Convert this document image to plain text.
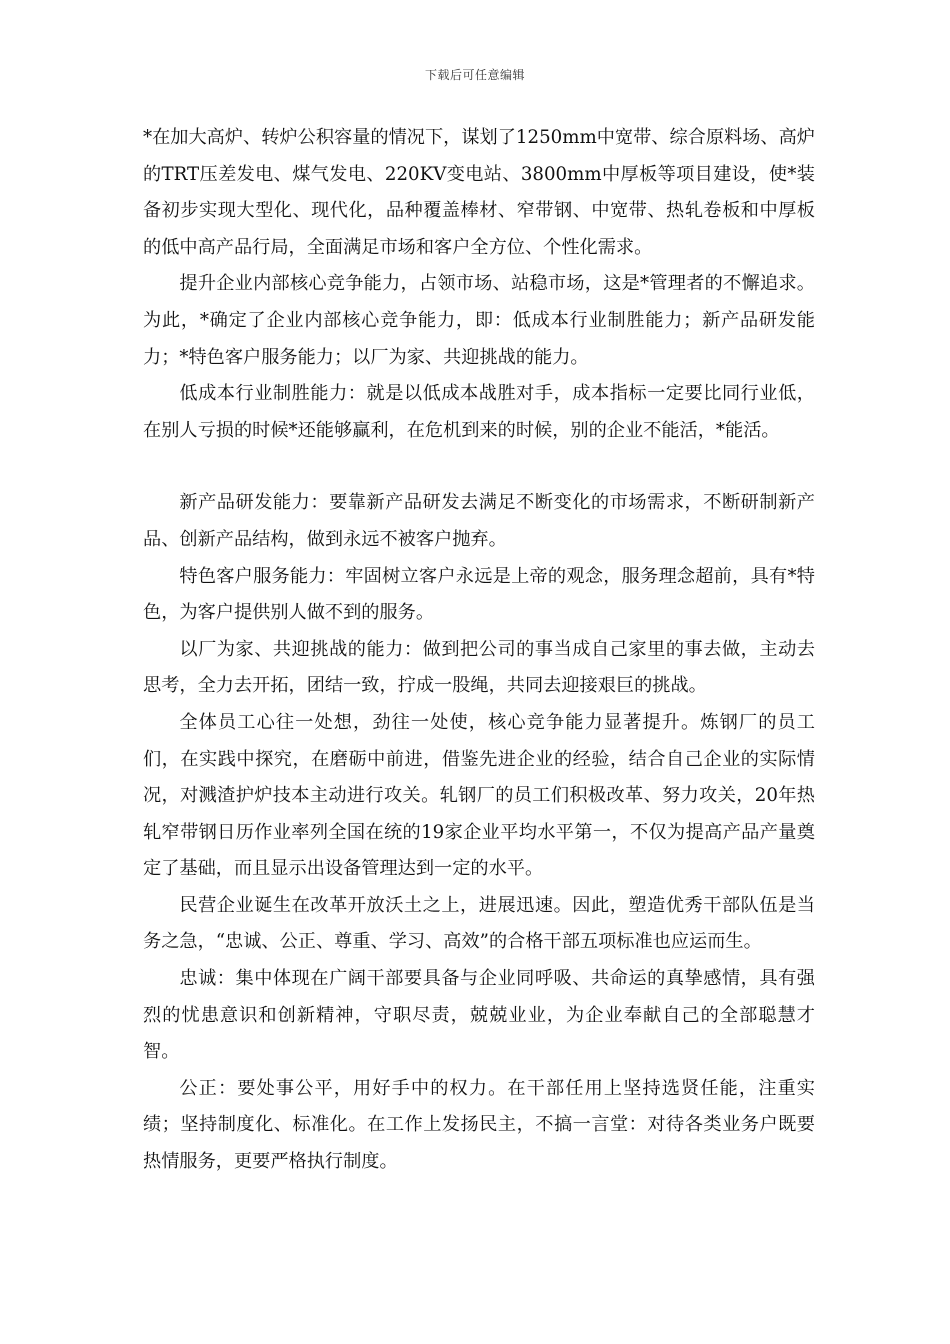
下载后可任意编辑

*在加大高炉、转炉公积容量的情况下，谋划了1250mm中宽带、综合原料场、高炉的TRT压差发电、煤气发电、220KV变电站、3800mm中厚板等项目建设，使*装备初步实现大型化、现代化，品种覆盖棒材、窄带钢、中宽带、热轧卷板和中厚板的低中高产品行局，全面满足市场和客户全方位、个性化需求。

提升企业内部核心竞争能力，占领市场、站稳市场，这是*管理者的不懈追求。为此，*确定了企业内部核心竞争能力，即：低成本行业制胜能力；新产品研发能力；*特色客户服务能力；以厂为家、共迎挑战的能力。

低成本行业制胜能力：就是以低成本战胜对手，成本指标一定要比同行业低，在别人亏损的时候*还能够赢利，在危机到来的时候，别的企业不能活，*能活。

新产品研发能力：要靠新产品研发去满足不断变化的市场需求，不断研制新产品、创新产品结构，做到永远不被客户抛弃。

特色客户服务能力：牢固树立客户永远是上帝的观念，服务理念超前，具有*特色，为客户提供别人做不到的服务。

以厂为家、共迎挑战的能力：做到把公司的事当成自己家里的事去做，主动去思考，全力去开拓，团结一致，拧成一股绳，共同去迎接艰巨的挑战。

全体员工心往一处想，劲往一处使，核心竞争能力显著提升。炼钢厂的员工们，在实践中探究，在磨砺中前进，借鉴先进企业的经验，结合自己企业的实际情况，对溅渣护炉技本主动进行攻关。轧钢厂的员工们积极改革、努力攻关，20年热轧窄带钢日历作业率列全国在统的19家企业平均水平第一，不仅为提高产品产量奠定了基础，而且显示出设备管理达到一定的水平。

民营企业诞生在改革开放沃土之上，进展迅速。因此，塑造优秀干部队伍是当务之急，“忠诚、公正、尊重、学习、高效”的合格干部五项标准也应运而生。

忠诚：集中体现在广阔干部要具备与企业同呼吸、共命运的真挚感情，具有强烈的忧患意识和创新精神，守职尽责，兢兢业业，为企业奉献自己的全部聪慧才智。

公正：要处事公平，用好手中的权力。在干部任用上坚持选贤任能，注重实绩；坚持制度化、标准化。在工作上发扬民主，不搞一言堂：对待各类业务户既要热情服务，更要严格执行制度。
